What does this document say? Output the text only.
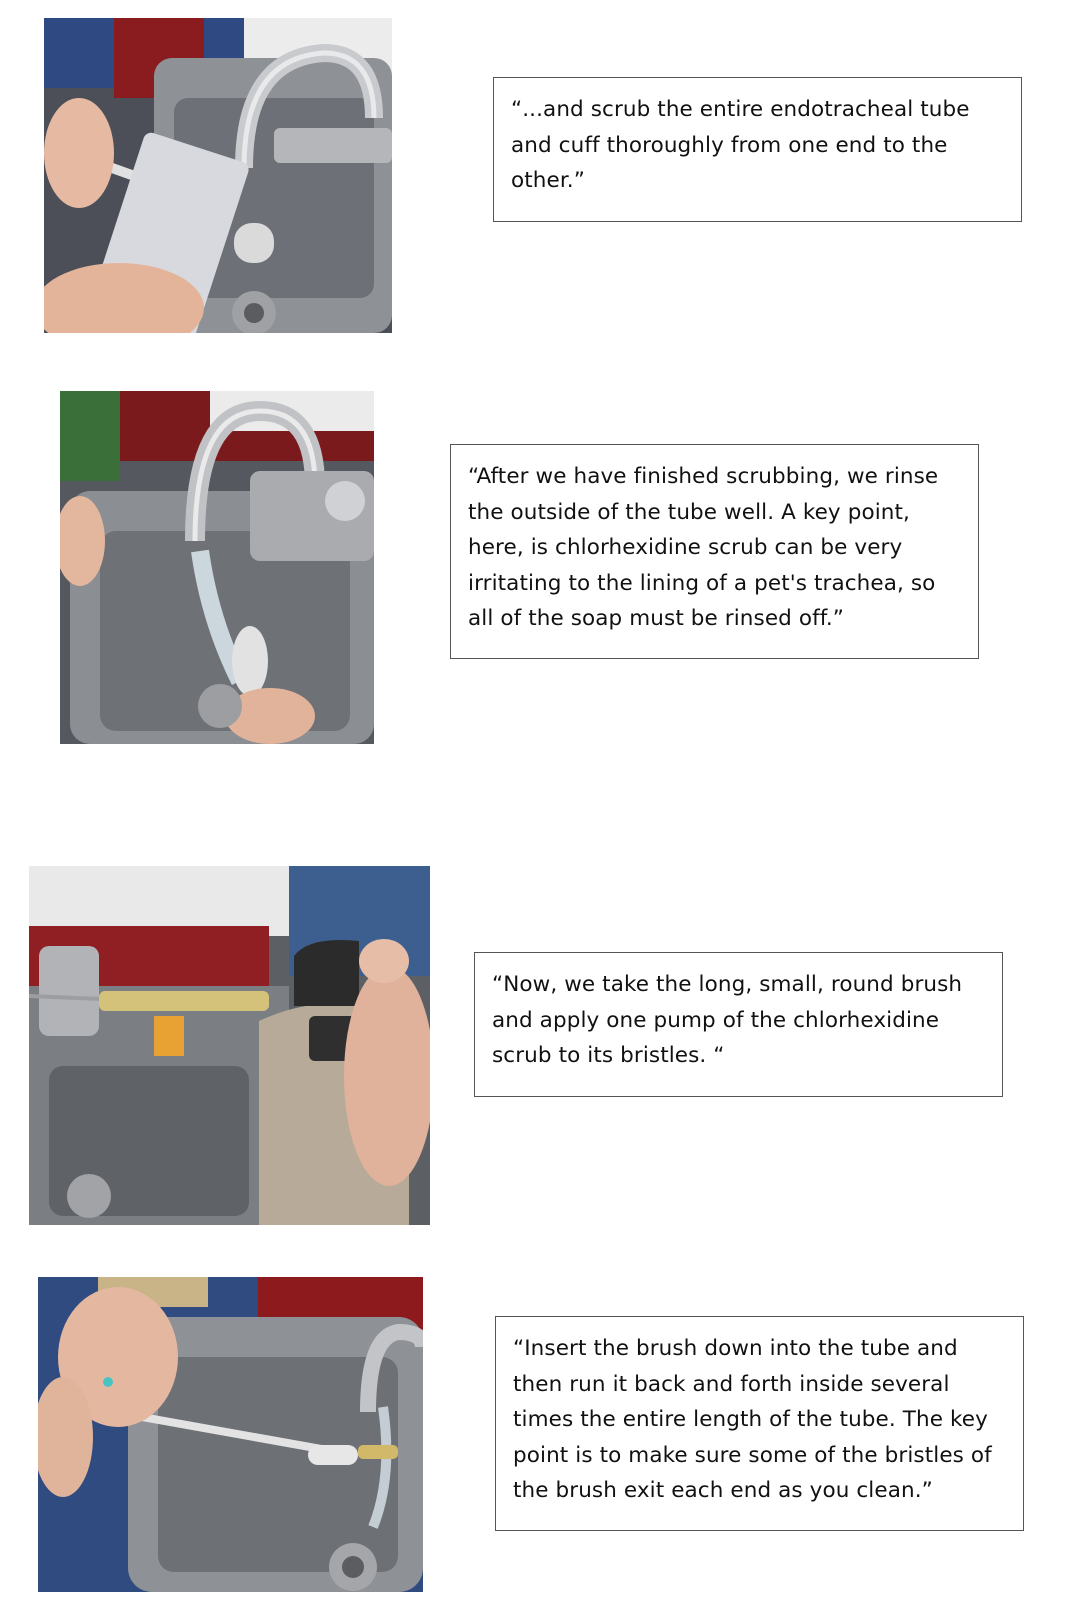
“...and scrub the entire endotracheal tube and cuff thoroughly from one end to the other.”
“After we have finished scrubbing, we rinse the outside of the tube well. A key point, here, is chlorhexidine scrub can be very irritating to the lining of a pet's trachea, so all of the soap must be rinsed off.”
“Now, we take the long, small, round brush and apply one pump of the chlorhexidine scrub to its bristles. “
“Insert the brush down into the tube and then run it back and forth inside several times the entire length of the tube. The key point is to make sure some of the bristles of the brush exit each end as you clean.”
